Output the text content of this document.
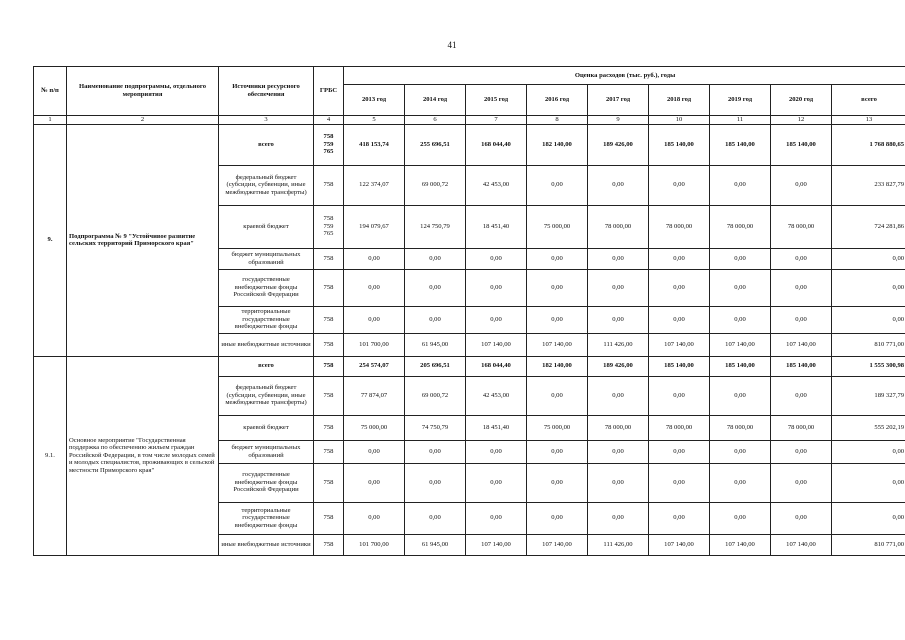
41
№ п/п	Наименование подпрограммы, отдельного мероприятия	Источники ресурсного обеспечения	ГРБС	Оценка расходов (тыс. руб.), годы								
				2013 год	2014 год	2015 год	2016 год	2017 год	2018 год	2019 год	2020 год	всего
1	2	3	4	5	6	7	8	9	10	11	12	13
9.	Подпрограмма № 9 "Устойчивое развитие сельских территорий Приморского края"	всего	758
759
765	418 153,74	255 696,51	168 044,40	182 140,00	189 426,00	185 140,00	185 140,00	185 140,00	1 768 880,65
		федеральный бюджет (субсидии, субвенции, иные межбюджетные трансферты)	758	122 374,07	69 000,72	42 453,00	0,00	0,00	0,00	0,00	0,00	233 827,79
		краевой бюджет	758
759
765	194 079,67	124 750,79	18 451,40	75 000,00	78 000,00	78 000,00	78 000,00	78 000,00	724 281,86
		бюджет муниципальных образований	758	0,00	0,00	0,00	0,00	0,00	0,00	0,00	0,00	0,00
		государственные внебюджетные фонды Российской Федерации	758	0,00	0,00	0,00	0,00	0,00	0,00	0,00	0,00	0,00
		территориальные государственные внебюджетные фонды	758	0,00	0,00	0,00	0,00	0,00	0,00	0,00	0,00	0,00
		иные внебюджетные источники	758	101 700,00	61 945,00	107 140,00	107 140,00	111 426,00	107 140,00	107 140,00	107 140,00	810 771,00
9.1.	Основное мероприятие "Государственная поддержка по обеспечению жильем граждан Российской Федерации, в том числе молодых семей и молодых специалистов, проживающих в сельской местности Приморского края"	всего	758	254 574,07	205 696,51	168 044,40	182 140,00	189 426,00	185 140,00	185 140,00	185 140,00	1 555 300,98
		федеральный бюджет (субсидии, субвенции, иные межбюджетные трансферты)	758	77 874,07	69 000,72	42 453,00	0,00	0,00	0,00	0,00	0,00	189 327,79
		краевой бюджет	758	75 000,00	74 750,79	18 451,40	75 000,00	78 000,00	78 000,00	78 000,00	78 000,00	555 202,19
		бюджет муниципальных образований	758	0,00	0,00	0,00	0,00	0,00	0,00	0,00	0,00	0,00
		государственные внебюджетные фонды Российской Федерации	758	0,00	0,00	0,00	0,00	0,00	0,00	0,00	0,00	0,00
		территориальные государственные внебюджетные фонды	758	0,00	0,00	0,00	0,00	0,00	0,00	0,00	0,00	0,00
		иные внебюджетные источники	758	101 700,00	61 945,00	107 140,00	107 140,00	111 426,00	107 140,00	107 140,00	107 140,00	810 771,00
